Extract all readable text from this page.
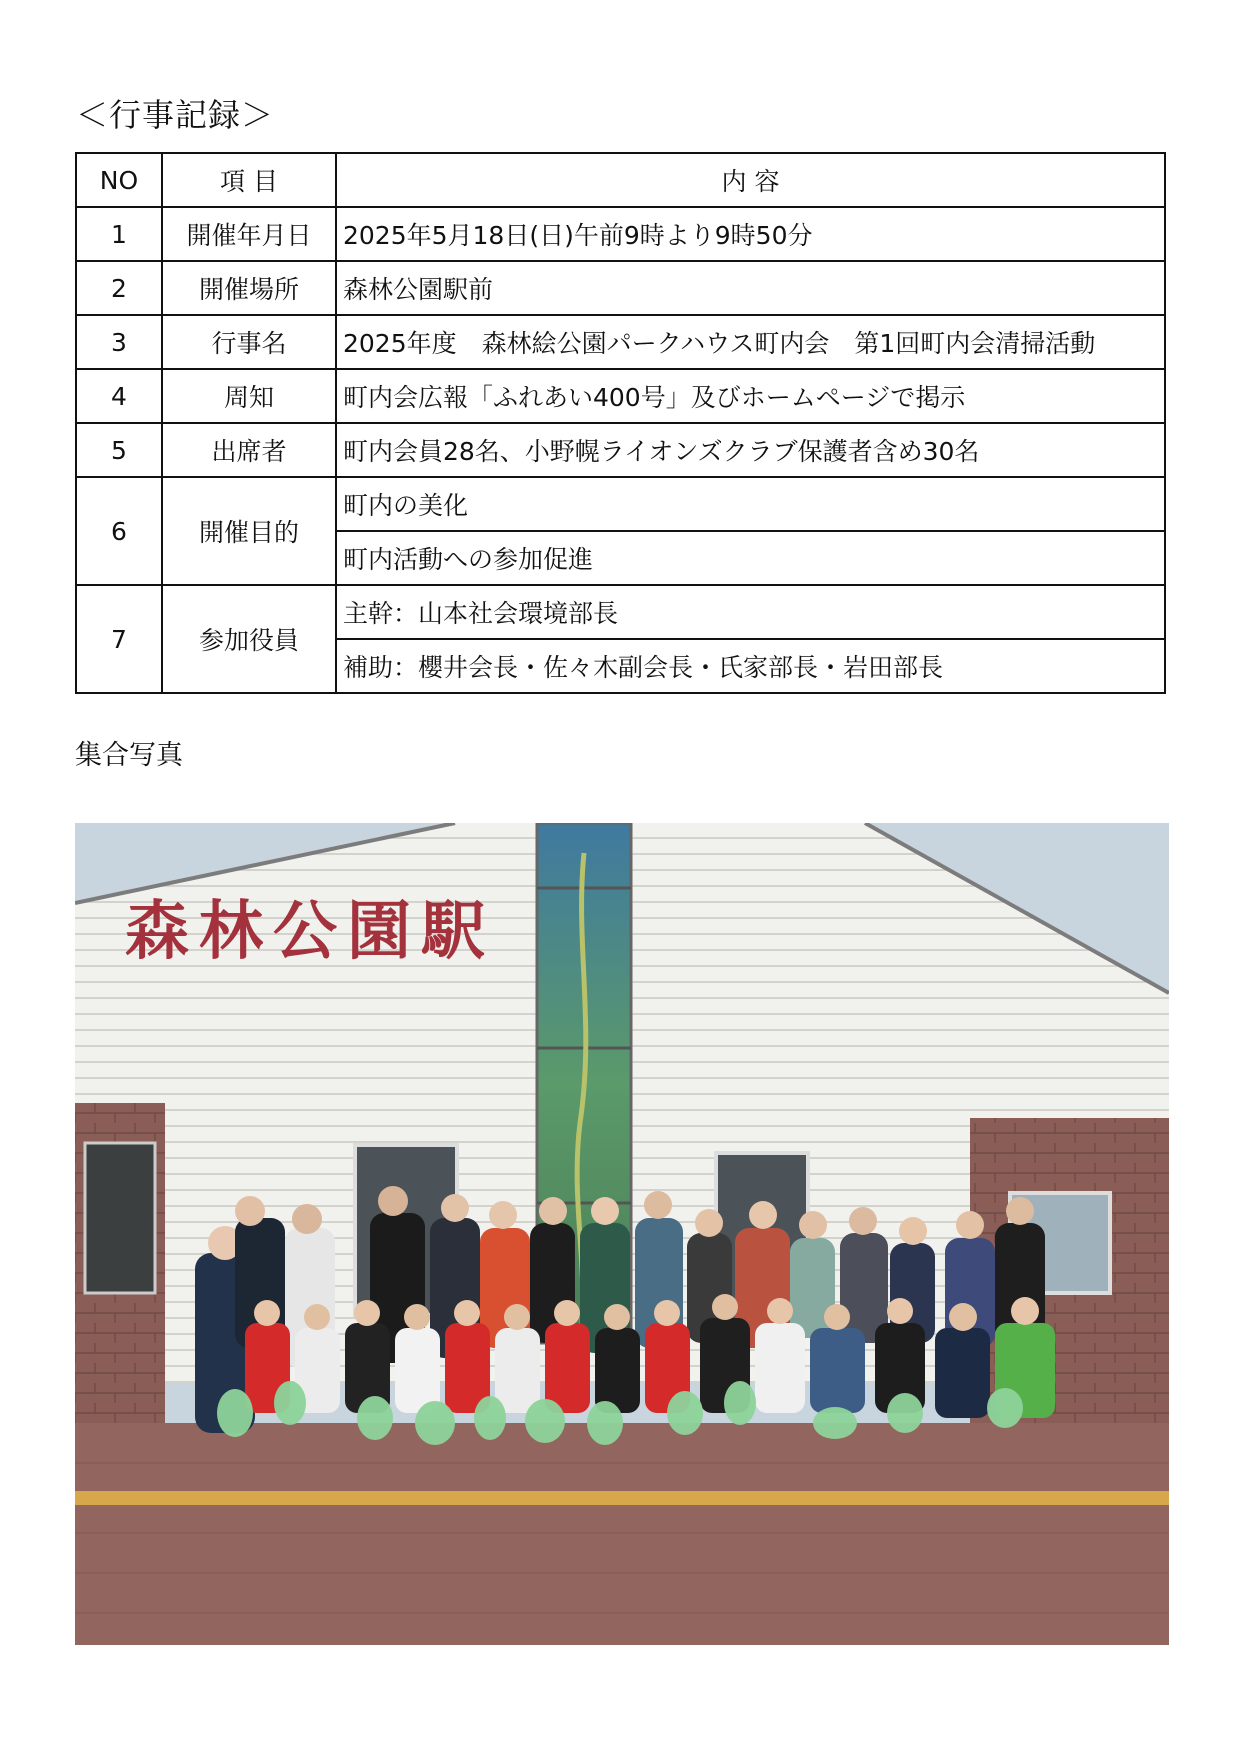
＜行事記録＞
NO	項 目	内 容
1	開催年月日	2025年5月18日(日)午前9時より9時50分
2	開催場所	森林公園駅前
3	行事名	2025年度　森林絵公園パークハウス町内会　第1回町内会清掃活動
4	周知	町内会広報「ふれあい400号」及びホームページで掲示
5	出席者	町内会員28名、小野幌ライオンズクラブ保護者含め30名
6	開催目的	町内の美化
		町内活動への参加促進
7	参加役員	主幹：山本社会環境部長
		補助：櫻井会長・佐々木副会長・氏家部長・岩田部長
集合写真
森林公園駅
